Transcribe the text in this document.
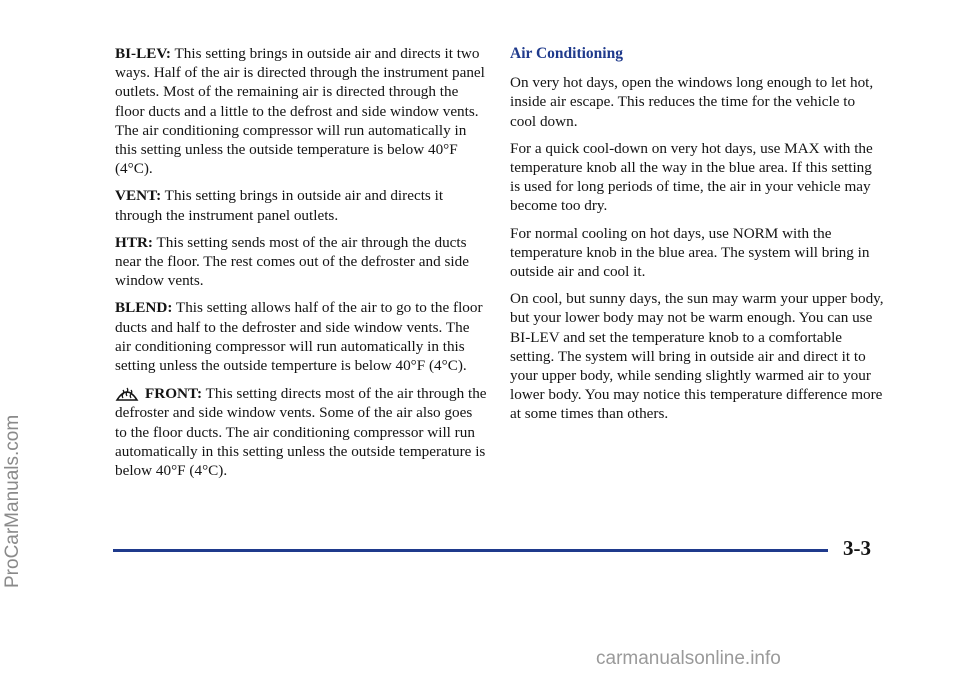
BI-LEV: This setting brings in outside air and directs it two ways. Half of the air is directed through the instrument panel outlets. Most of the remaining air is directed through the floor ducts and a little to the defrost and side window vents. The air conditioning compressor will run automatically in this setting unless the outside temperature is below 40°F (4°C).

VENT: This setting brings in outside air and directs it through the instrument panel outlets.

HTR: This setting sends most of the air through the ducts near the floor. The rest comes out of the defroster and side window vents.

BLEND: This setting allows half of the air to go to the floor ducts and half to the defroster and side window vents. The air conditioning compressor will run automatically in this setting unless the outside temperture is below 40°F (4°C).

FRONT: This setting directs most of the air through the defroster and side window vents. Some of the air also goes to the floor ducts. The air conditioning compressor will run automatically in this setting unless the outside temperature is below 40°F (4°C).

Air Conditioning

On very hot days, open the windows long enough to let hot, inside air escape. This reduces the time for the vehicle to cool down.

For a quick cool-down on very hot days, use MAX with the temperature knob all the way in the blue area. If this setting is used for long periods of time, the air in your vehicle may become too dry.

For normal cooling on hot days, use NORM with the temperature knob in the blue area. The system will bring in outside air and cool it.

On cool, but sunny days, the sun may warm your upper body, but your lower body may not be warm enough. You can use BI-LEV and set the temperature knob to a comfortable setting. The system will bring in outside air and direct it to your upper body, while sending slightly warmed air to your lower body. You may notice this temperature difference more at some times than others.

3-3
ProCarManuals.com
carmanualsonline.info
